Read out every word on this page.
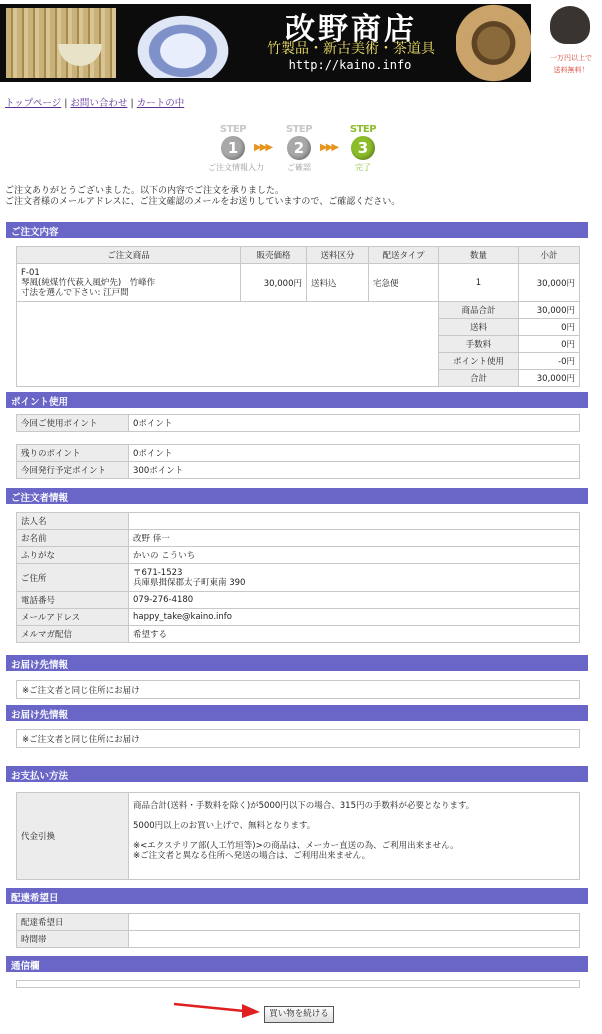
改野商店
竹製品・新古美術・茶道具
http://kaino.info	一万円以上で
送料無料！
トップページ | お問い合わせ | カートの中
STEP
1
ご注文情報入力
▶▶▶
STEP
2
ご確認
▶▶▶
STEP
3
完了
ご注文ありがとうございました。以下の内容でご注文を承りました。
ご注文者様のメールアドレスに、ご注文確認のメールをお送りしていますので、ご確認ください。
ご注文内容
ご注文商品	販売価格	送料区分	配送タイプ	数量	小計

F-01
琴風(純煤竹代萩入風炉先)　竹峰作
寸法を選んで下さい: 江戸間	30,000円	送料込	宅急便	1	30,000円
				商品合計	30,000円
				送料	0円
				手数料	0円
				ポイント使用	-0円
				合計	30,000円
ポイント使用
今回ご使用ポイント	0ポイント
残りのポイント	0ポイント
今回発行予定ポイント	300ポイント
ご注文者情報
法人名	
お名前	改野 倖一
ふりがな	かいの こういち
ご住所	〒671-1523
兵庫県揖保郡太子町東南 390

電話番号	079-276-4180
メールアドレス	happy_take@kaino.info
メルマガ配信	希望する
お届け先情報
※ご注文者と同じ住所にお届け
お届け先情報
※ご注文者と同じ住所にお届け
お支払い方法
代金引換	

商品合計(送料・手数料を除く)が5000円以下の場合、315円の手数料が必要となります。

5000円以上のお買い上げで、無料となります。

※<エクステリア部(人工竹垣等)>の商品は、メーカー直送の為、ご利用出来ません。
※ご注文者と異なる住所へ発送の場合は、ご利用出来ません。
配達希望日
配達希望日	
時間帯	
通信欄
買い物を続ける
